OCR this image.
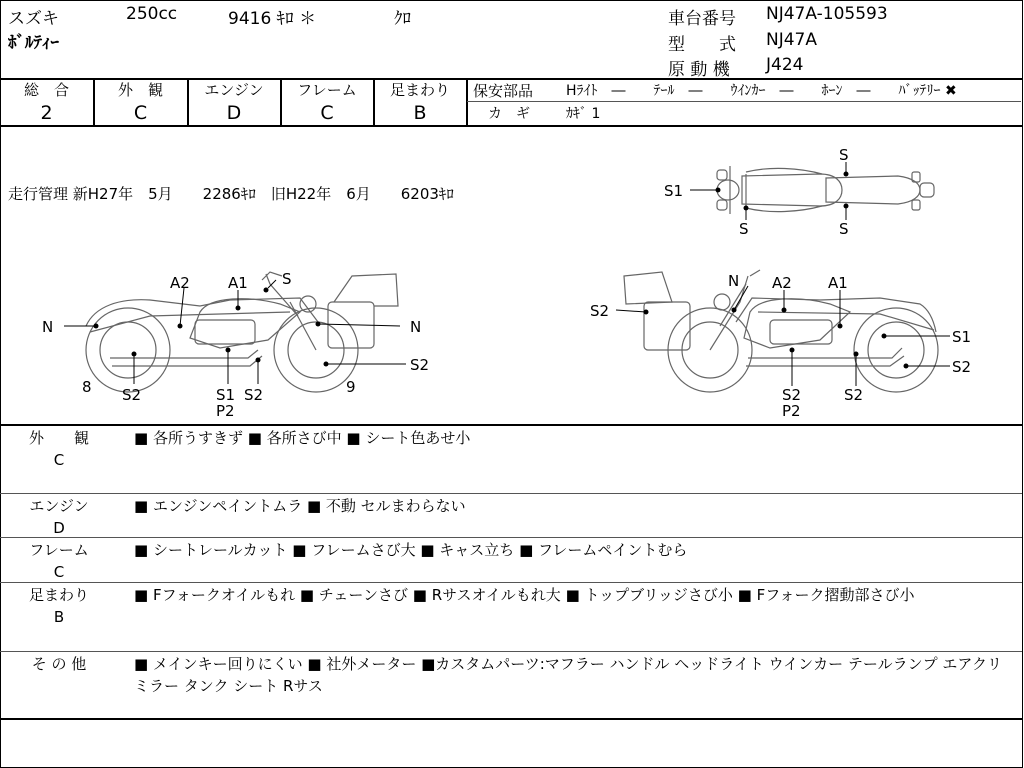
スズキ	250cc	9416 ｷﾛ ＊	ｸﾛ
ﾎﾞﾙﾃｨｰ
車台番号 NJ47A-105593
型　　式 NJ47A
原 動 機 J424
総　合
2
外　観
C
エンジン
D
フレーム
C
足まわり
B
保安部品 Hﾗｲﾄ　―　　ﾃｰﾙ　―　　ｳｲﾝｶｰ　―　　ﾎｰﾝ　―　　ﾊﾞｯﾃﾘｰ ✖
カ　ギ	ｶｷﾞ 1
走行管理 新H27年　5月　　2286ｷﾛ　旧H22年　6月　　6203ｷﾛ	S1
S
S	S
A2	A1 S
N	N
8 S2	S1 S2
P2
9
S2
N A2 A1
S2
S1
S2
S2	S2
P2
外　　観
C
■ 各所うすきず ■ 各所さび中 ■ シート色あせ小
エンジン
D
■ エンジンペイントムラ ■ 不動 セルまわらない
フレーム
C
■ シートレールカット ■ フレームさび大 ■ キャス立ち ■ フレームペイントむら
足まわり
B
■ Fフォークオイルもれ ■ チェーンさび ■ Rサスオイルもれ大 ■ トップブリッジさび小 ■ Fフォーク摺動部さび小
そ の 他	■ メインキー回りにくい ■ 社外メーター ■カスタムパーツ:マフラー ハンドル ヘッドライト ウインカー テールランプ エアクリ ミラー タンク シート Rサス
